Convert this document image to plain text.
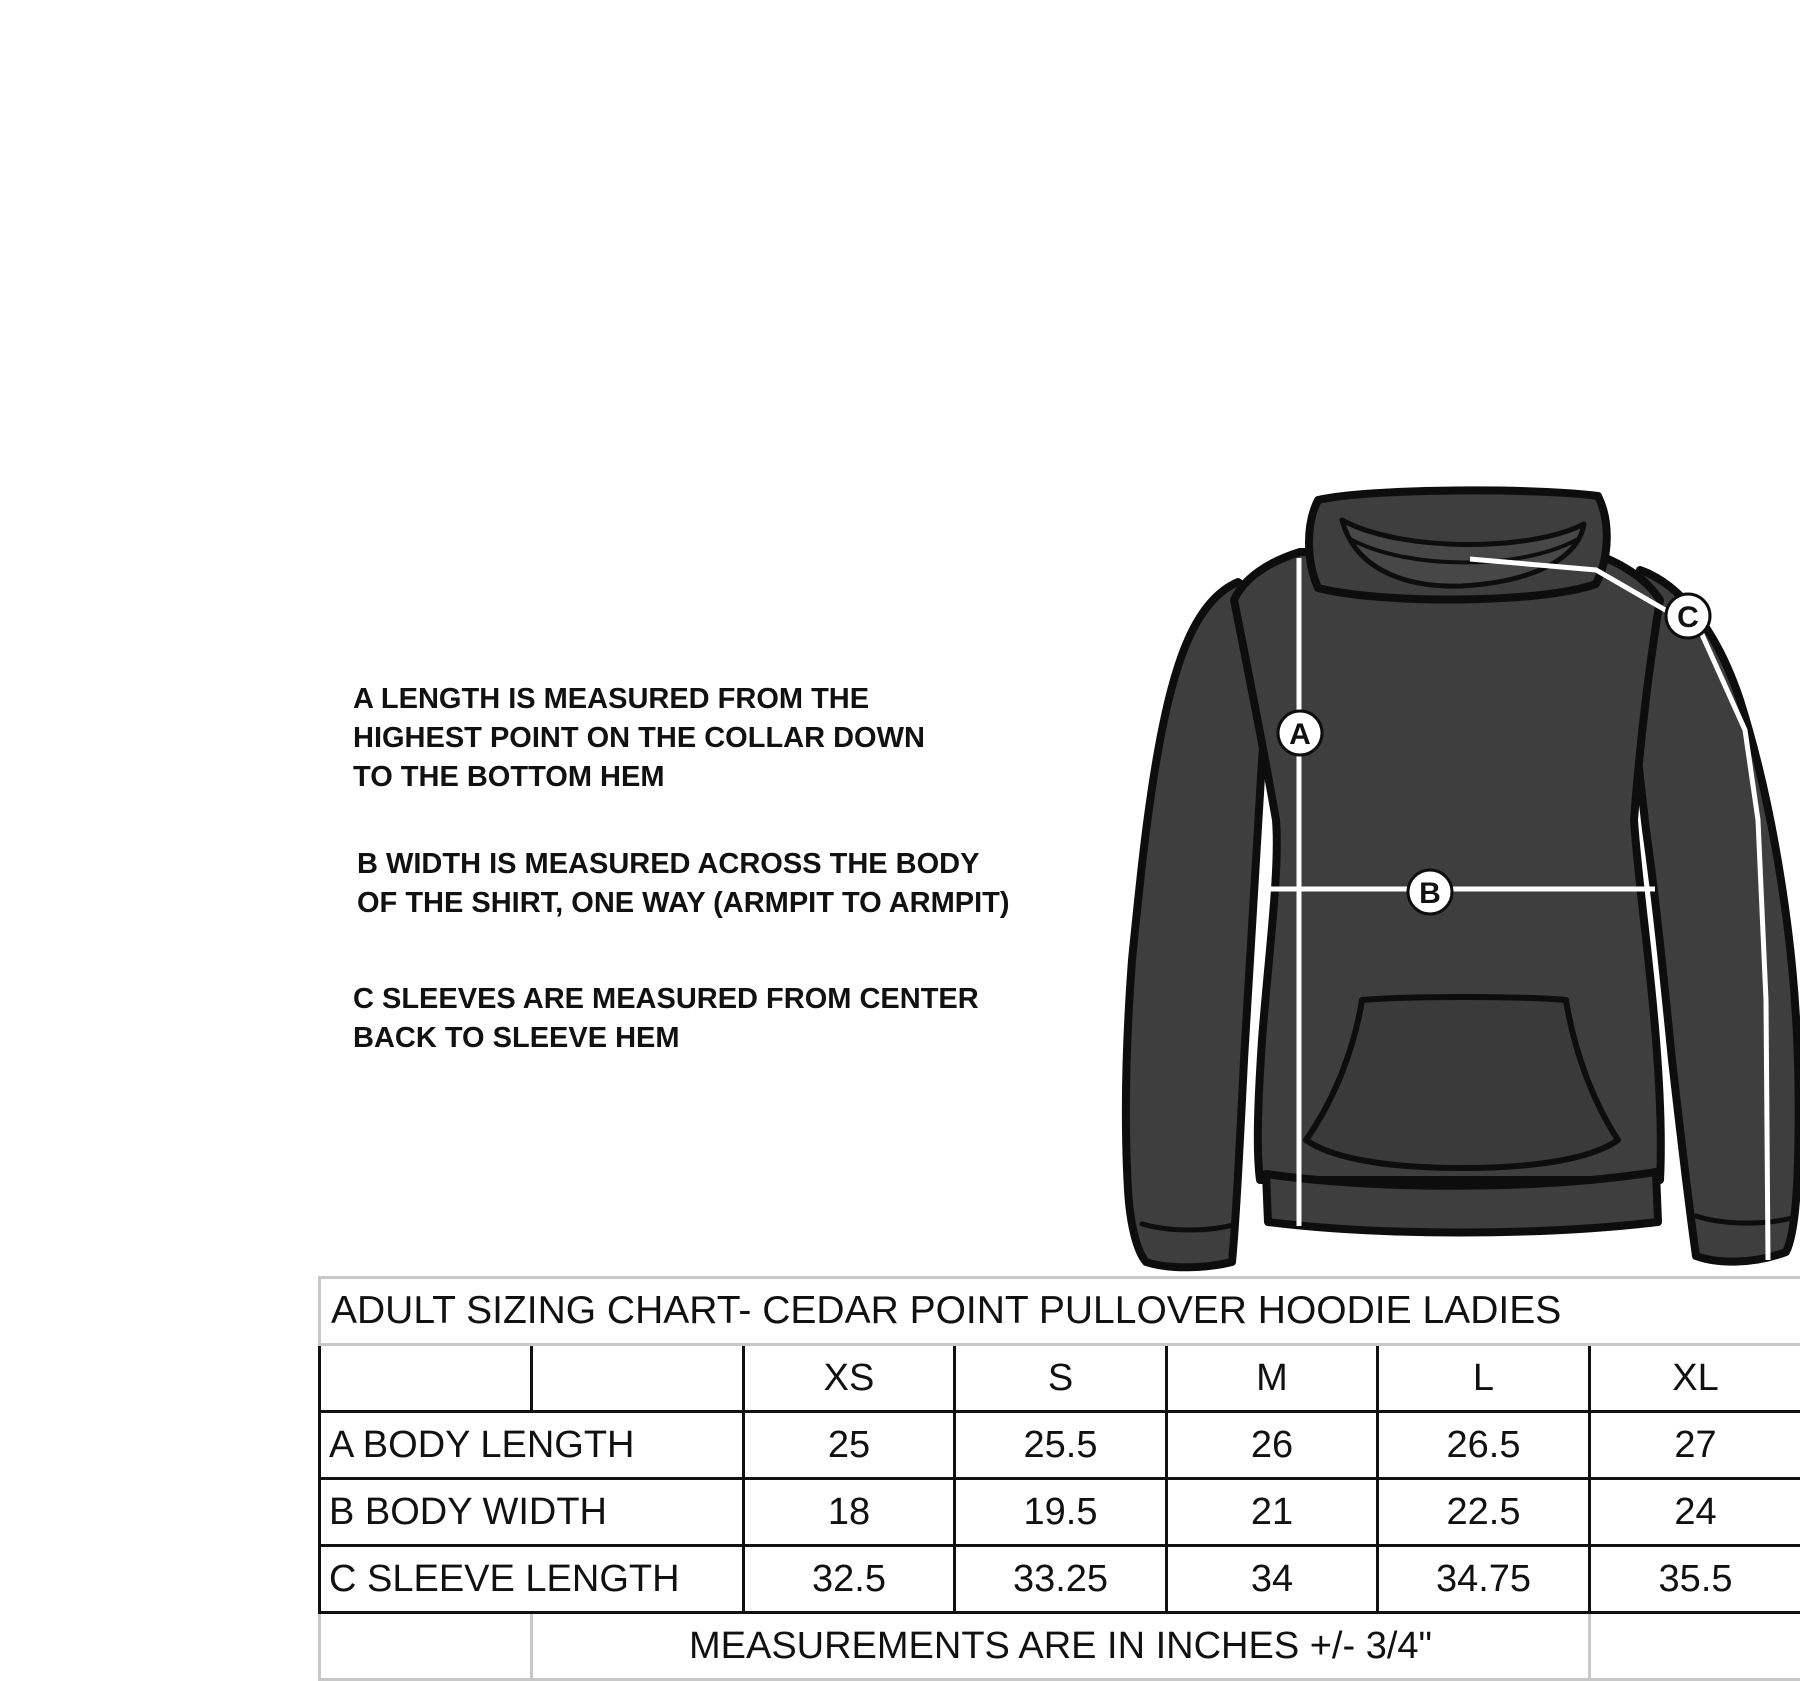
A LENGTH IS MEASURED FROM THE

HIGHEST POINT ON THE COLLAR DOWN

TO THE BOTTOM HEM

B WIDTH IS MEASURED ACROSS THE BODY

OF THE SHIRT, ONE WAY (ARMPIT TO ARMPIT)

C SLEEVES ARE MEASURED FROM CENTER

BACK TO SLEEVE HEM

A
B
C
ADULT SIZING CHART- CEDAR POINT PULLOVER HOODIE LADIES						
		XS	S	M	L	XL
A BODY LENGTH		25	25.5	26	26.5	27
B BODY WIDTH		18	19.5	21	22.5	24
C SLEEVE LENGTH		32.5	33.25	34	34.75	35.5
	MEASUREMENTS ARE IN INCHES +/- 3/4"					
